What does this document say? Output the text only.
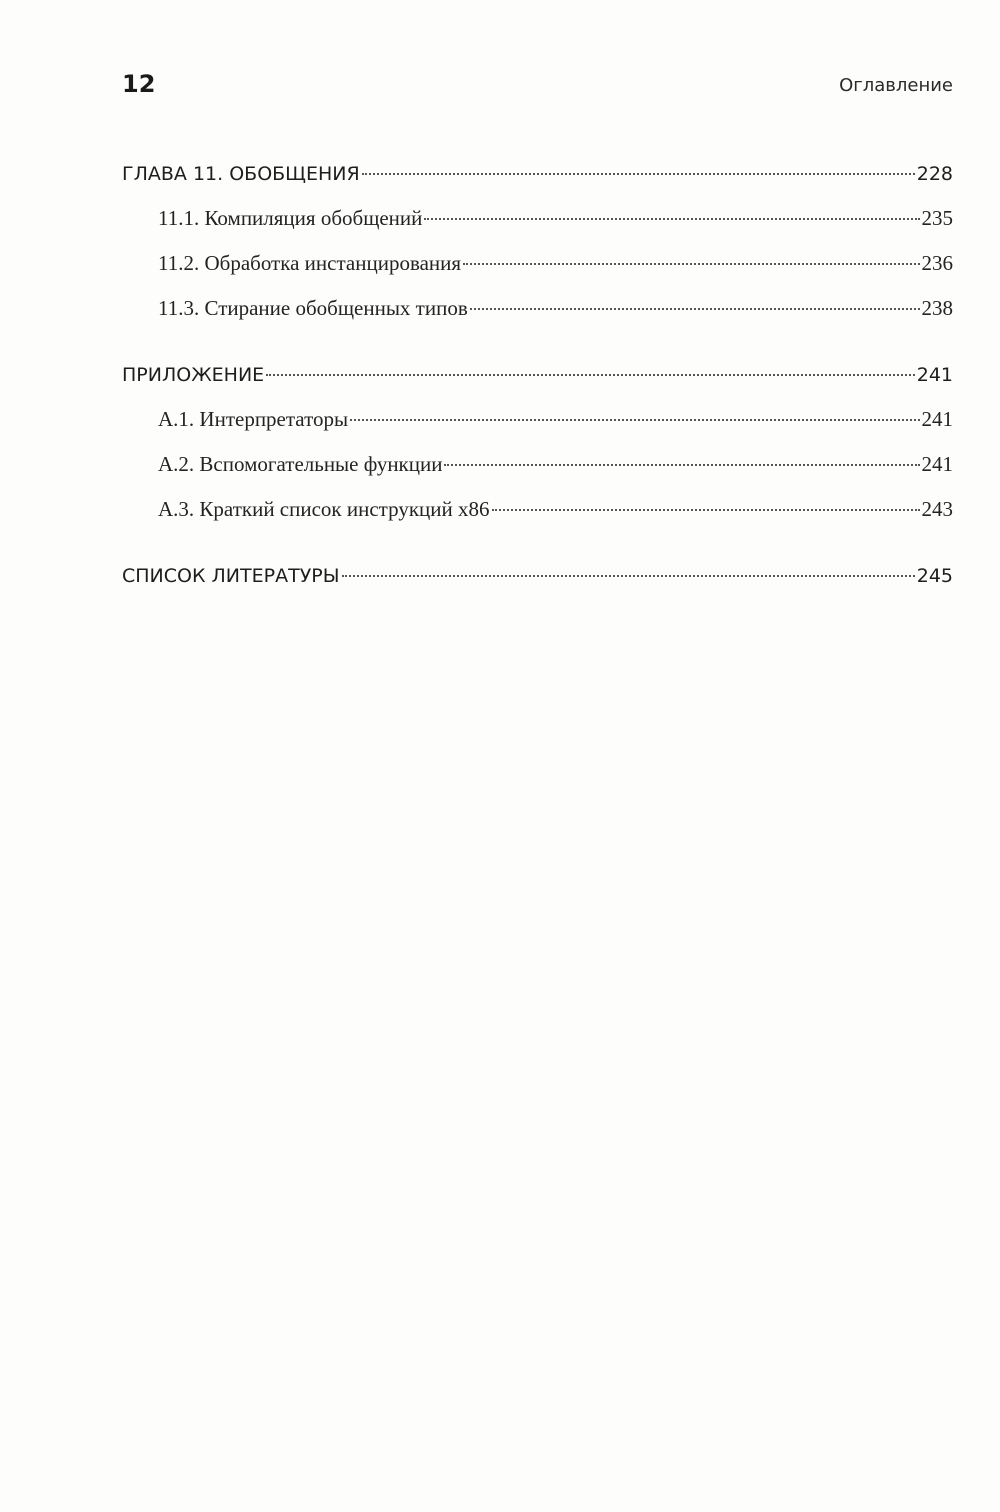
12	Оглавление
ГЛАВА 11. ОБОБЩЕНИЯ	228
11.1. Компиляция обобщений	235
11.2. Обработка инстанцирования	236
11.3. Стирание обобщенных типов	238
ПРИЛОЖЕНИЕ	241
A.1. Интерпретаторы	241
A.2. Вспомогательные функции	241
A.3. Краткий список инструкций x86	243
СПИСОК ЛИТЕРАТУРЫ	245
